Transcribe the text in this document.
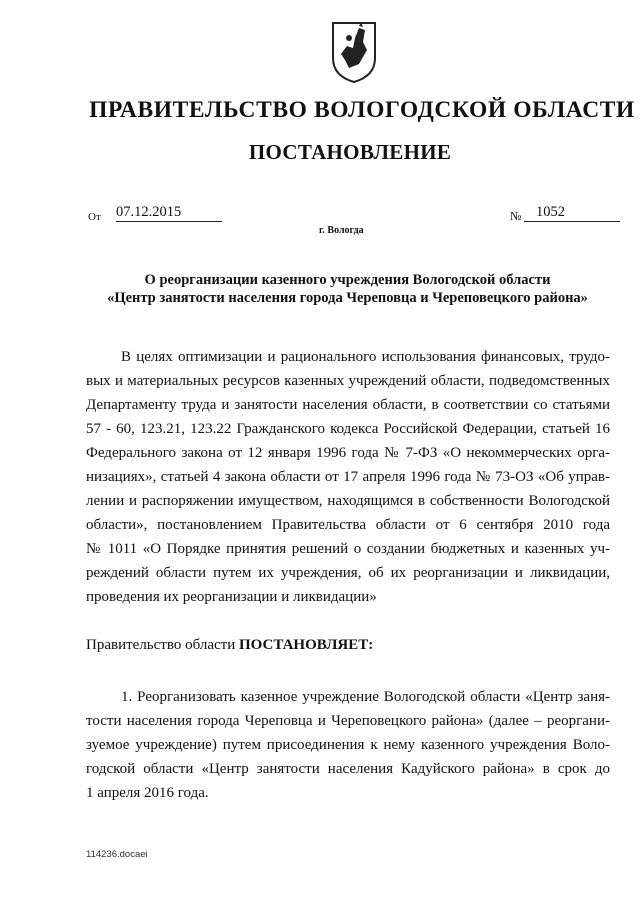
ПРАВИТЕЛЬСТВО ВОЛОГОДСКОЙ ОБЛАСТИ
ПОСТАНОВЛЕНИЕ
От 07.12.2015	№	1052
г. Вологда
О реорганизации казенного учреждения Вологодской области
«Центр занятости населения города Череповца и Череповецкого района»
В целях оптимизации и рационального использования финансовых, трудо-
вых и материальных ресурсов казенных учреждений области, подведомственных
Департаменту труда и занятости населения области, в соответствии со статьями
57 - 60, 123.21, 123.22 Гражданского кодекса Российской Федерации, статьей 16
Федерального закона от 12 января 1996 года № 7-ФЗ «О некоммерческих орга-
низациях», статьей 4 закона области от 17 апреля 1996 года № 73-ОЗ «Об управ-
лении и распоряжении имуществом, находящимся в собственности Вологодской
области», постановлением Правительства области от 6 сентября 2010 года
№ 1011 «О Порядке принятия решений о создании бюджетных и казенных уч-
реждений области путем их учреждения, об их реорганизации и ликвидации,
проведения их реорганизации и ликвидации»
Правительство области ПОСТАНОВЛЯЕТ:
1. Реорганизовать казенное учреждение Вологодской области «Центр заня-
тости населения города Череповца и Череповецкого района» (далее – реоргани-
зуемое учреждение) путем присоединения к нему казенного учреждения Воло-
годской области «Центр занятости населения Кадуйского района» в срок до
1 апреля 2016 года.
114236.docaei
